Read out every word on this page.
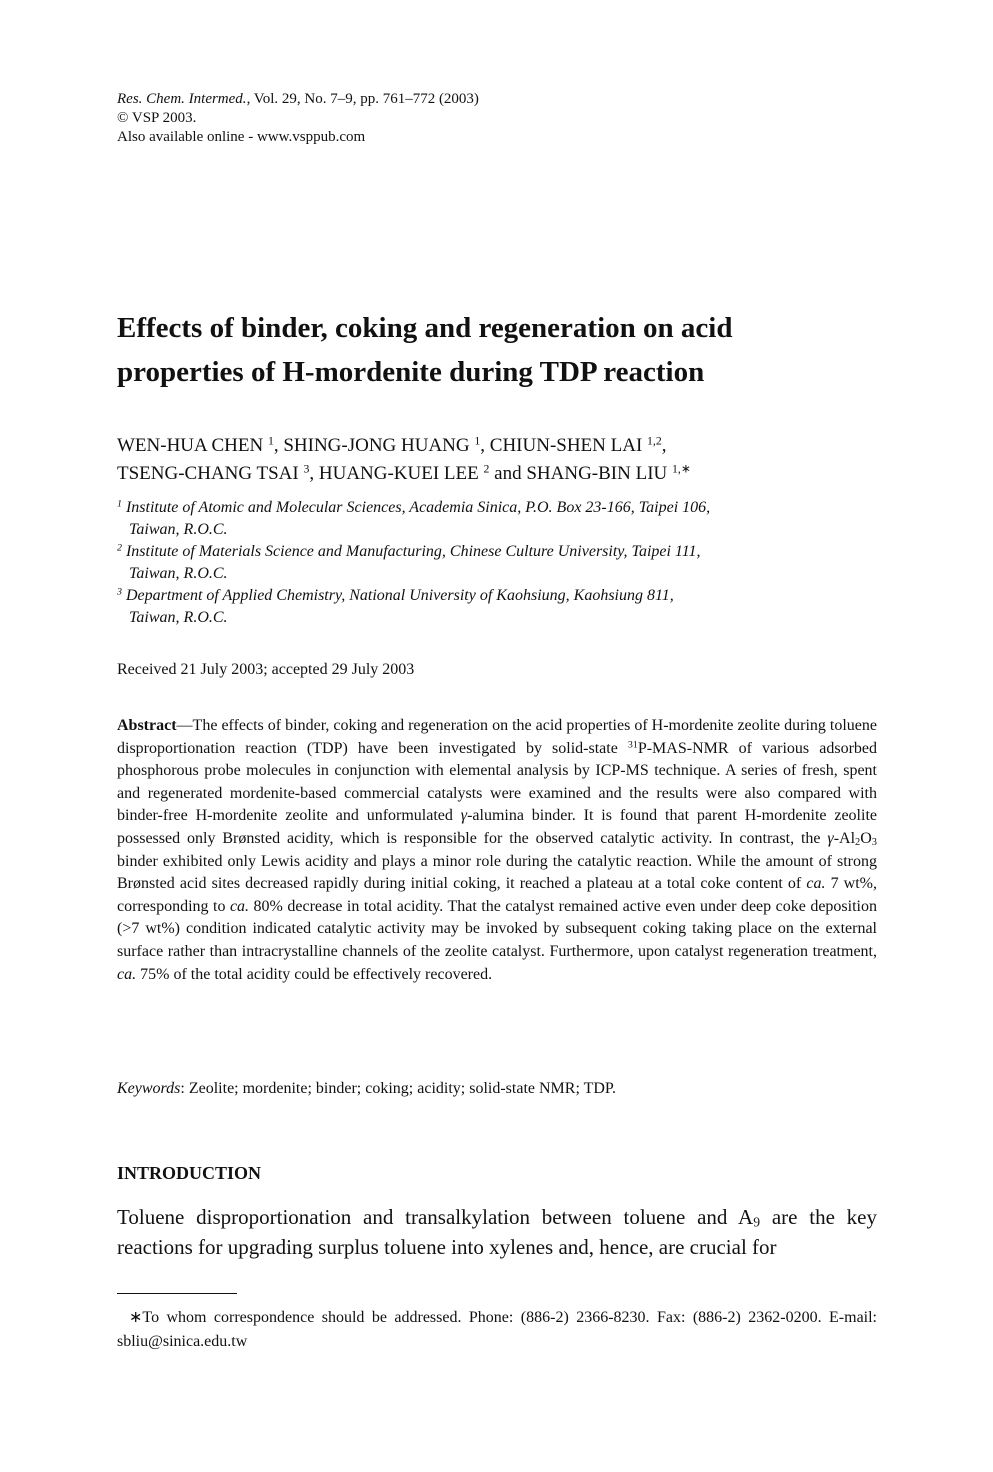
Res. Chem. Intermed., Vol. 29, No. 7–9, pp. 761–772 (2003)
© VSP 2003.
Also available online - www.vsppub.com
Effects of binder, coking and regeneration on acid
properties of H-mordenite during TDP reaction
WEN-HUA CHEN $^1$, SHING-JONG HUANG $^1$, CHIUN-SHEN LAI $^{1,2}$,
TSENG-CHANG TSAI $^3$, HUANG-KUEI LEE $^2$ and SHANG-BIN LIU $^{1,∗}$
$^1$ Institute of Atomic and Molecular Sciences, Academia Sinica, P.O. Box 23-166, Taipei 106,
Taiwan, R.O.C.
$^2$ Institute of Materials Science and Manufacturing, Chinese Culture University, Taipei 111,
Taiwan, R.O.C.
$^3$ Department of Applied Chemistry, National University of Kaohsiung, Kaohsiung 811,
Taiwan, R.O.C.
Received 21 July 2003; accepted 29 July 2003

Abstract—The effects of binder, coking and regeneration on the acid properties of H-mordenite zeolite during toluene disproportionation reaction (TDP) have been investigated by solid-state $^{31}$P-MAS-NMR of various adsorbed phosphorous probe molecules in conjunction with elemental analysis by ICP-MS technique. A series of fresh, spent and regenerated mordenite-based commercial catalysts were examined and the results were also compared with binder-free H-mordenite zeolite and unformulated γ-alumina binder. It is found that parent H-mordenite zeolite possessed only Brønsted acidity, which is responsible for the observed catalytic activity. In contrast, the $\gamma-Al_2O_3$ binder exhibited only Lewis acidity and plays a minor role during the catalytic reaction. While the amount of strong Brønsted acid sites decreased rapidly during initial coking, it reached a plateau at a total coke content of ca. 7 wt%, corresponding to ca. 80% decrease in total acidity. That the catalyst remained active even under deep coke deposition (>7 wt%) condition indicated catalytic activity may be invoked by subsequent coking taking place on the external surface rather than intracrystalline channels of the zeolite catalyst. Furthermore, upon catalyst regeneration treatment, ca. 75% of the total acidity could be effectively recovered.

Keywords: Zeolite; mordenite; binder; coking; acidity; solid-state NMR; TDP.
INTRODUCTION

Toluene disproportionation and transalkylation between toluene and $A_9$ are the key reactions for upgrading surplus toluene into xylenes and, hence, are crucial for

∗To whom correspondence should be addressed. Phone: (886-2) 2366-8230. Fax: (886-2) 2362-0200. E-mail: sbliu@sinica.edu.tw
